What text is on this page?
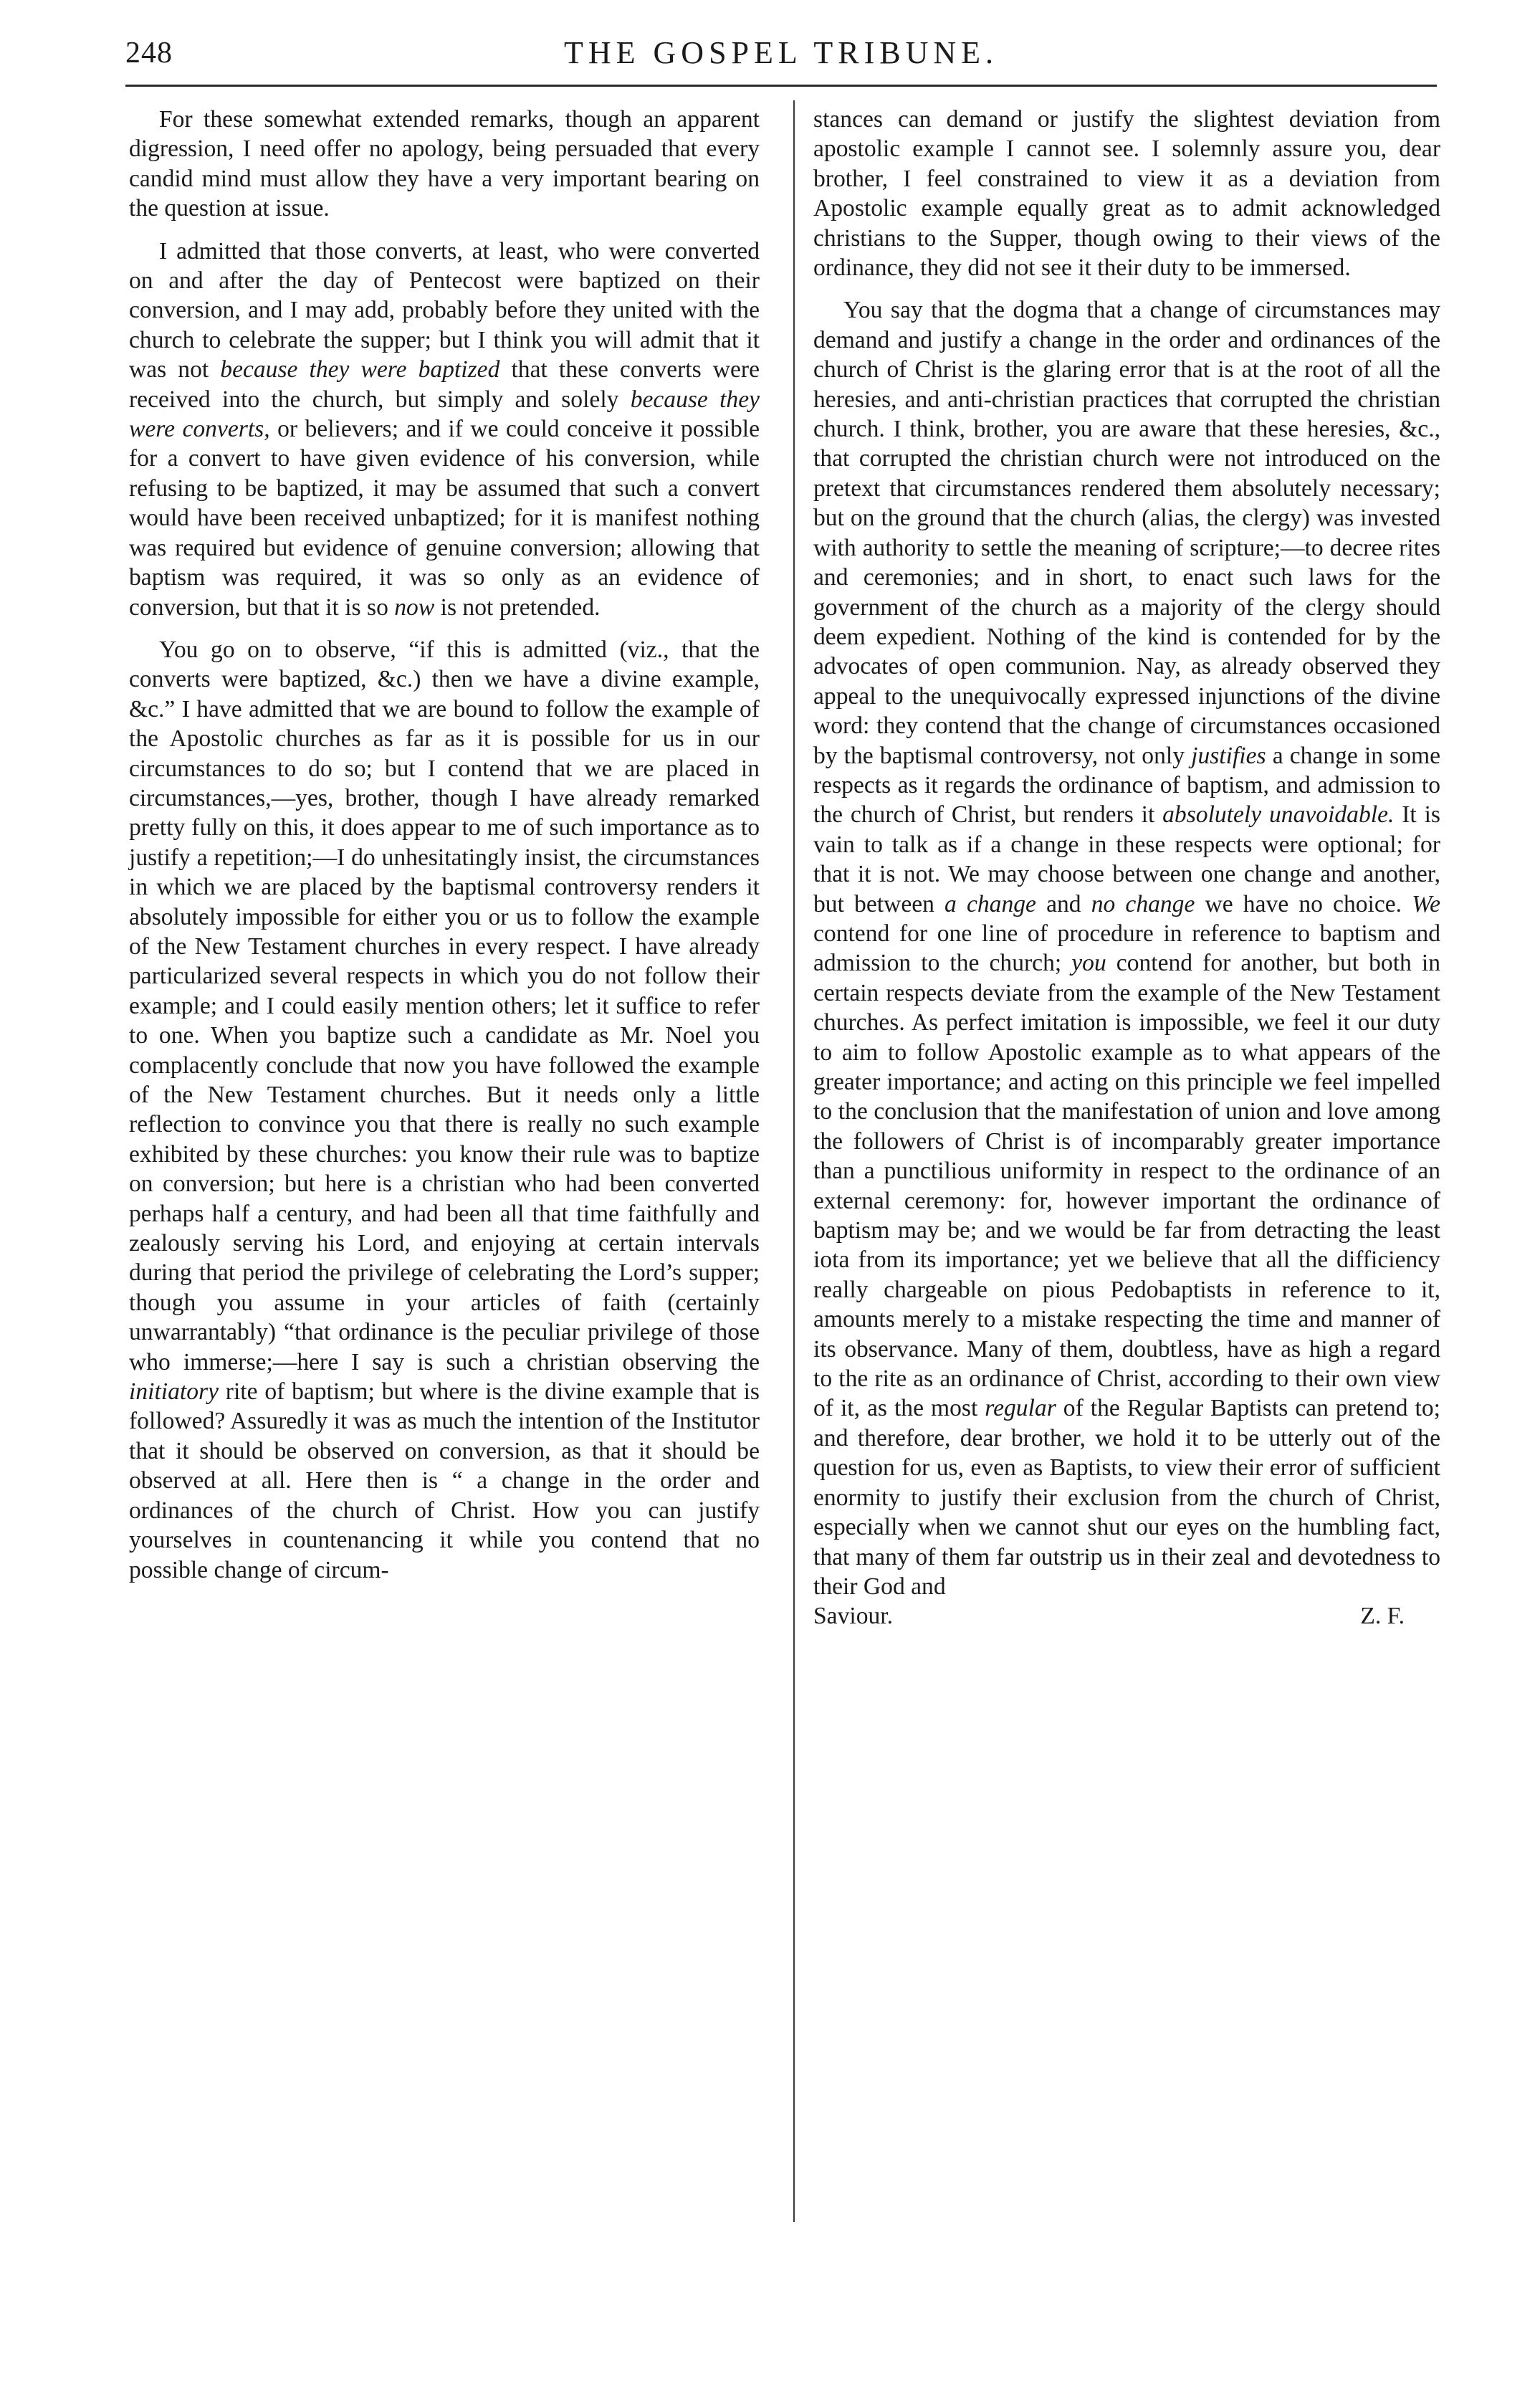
248	THE GOSPEL TRIBUNE.

For these somewhat extended remarks, though an apparent digression, I need offer no apology, being persuaded that every candid mind must allow they have a very important bearing on the question at issue.

I admitted that those converts, at least, who were converted on and after the day of Pentecost were baptized on their conversion, and I may add, probably before they united with the church to celebrate the supper; but I think you will admit that it was not because they were baptized that these converts were received into the church, but simply and solely because they were converts, or believers; and if we could conceive it possible for a convert to have given evidence of his conversion, while refusing to be baptized, it may be assumed that such a convert would have been received unbaptized; for it is manifest nothing was required but evidence of genuine conversion; allowing that baptism was required, it was so only as an evidence of conversion, but that it is so now is not pretended.

You go on to observe, “if this is admitted (viz., that the converts were baptized, &c.) then we have a divine example, &c.” I have admitted that we are bound to follow the example of the Apostolic churches as far as it is possible for us in our circumstances to do so; but I contend that we are placed in circumstances,—yes, brother, though I have already remarked pretty fully on this, it does appear to me of such importance as to justify a repetition;—I do unhesitatingly insist, the circumstances in which we are placed by the baptismal controversy renders it absolutely impossible for either you or us to follow the example of the New Testament churches in every respect. I have already particularized several respects in which you do not follow their example; and I could easily mention others; let it suffice to refer to one. When you baptize such a candidate as Mr. Noel you complacently conclude that now you have followed the example of the New Testament churches. But it needs only a little reflection to convince you that there is really no such example exhibited by these churches: you know their rule was to baptize on conversion; but here is a christian who had been converted perhaps half a century, and had been all that time faithfully and zealously serving his Lord, and enjoying at certain intervals during that period the privilege of celebrating the Lord’s supper; though you assume in your articles of faith (certainly unwarrantably) “that ordinance is the peculiar privilege of those who immerse;—here I say is such a christian observing the initiatory rite of baptism; but where is the divine example that is followed? Assuredly it was as much the intention of the Institutor that it should be observed on conversion, as that it should be observed at all. Here then is “ a change in the order and ordinances of the church of Christ. How you can justify yourselves in countenancing it while you contend that no possible change of circum-

stances can demand or justify the slightest deviation from apostolic example I cannot see. I solemnly assure you, dear brother, I feel constrained to view it as a deviation from Apostolic example equally great as to admit acknowledged christians to the Supper, though owing to their views of the ordinance, they did not see it their duty to be immersed.

You say that the dogma that a change of circumstances may demand and justify a change in the order and ordinances of the church of Christ is the glaring error that is at the root of all the heresies, and anti-christian practices that corrupted the christian church. I think, brother, you are aware that these heresies, &c., that corrupted the christian church were not introduced on the pretext that circumstances rendered them absolutely necessary; but on the ground that the church (alias, the clergy) was invested with authority to settle the meaning of scripture;—to decree rites and ceremonies; and in short, to enact such laws for the government of the church as a majority of the clergy should deem expedient. Nothing of the kind is contended for by the advocates of open communion. Nay, as already observed they appeal to the unequivocally expressed injunctions of the divine word: they contend that the change of circumstances occasioned by the baptismal controversy, not only justifies a change in some respects as it regards the ordinance of baptism, and admission to the church of Christ, but renders it absolutely unavoidable. It is vain to talk as if a change in these respects were optional; for that it is not. We may choose between one change and another, but between a change and no change we have no choice. We contend for one line of procedure in reference to baptism and admission to the church; you contend for another, but both in certain respects deviate from the example of the New Testament churches. As perfect imitation is impossible, we feel it our duty to aim to follow Apostolic example as to what appears of the greater importance; and acting on this principle we feel impelled to the conclusion that the manifestation of union and love among the followers of Christ is of incomparably greater importance than a punctilious uniformity in respect to the ordinance of an external ceremony: for, however important the ordinance of baptism may be; and we would be far from detracting the least iota from its importance; yet we believe that all the difficiency really chargeable on pious Pedobaptists in reference to it, amounts merely to a mistake respecting the time and manner of its observance. Many of them, doubtless, have as high a regard to the rite as an ordinance of Christ, according to their own view of it, as the most regular of the Regular Baptists can pretend to; and therefore, dear brother, we hold it to be utterly out of the question for us, even as Baptists, to view their error of sufficient enormity to justify their exclusion from the church of Christ, especially when we cannot shut our eyes on the humbling fact, that many of them far outstrip us in their zeal and devotedness to their God and

Saviour.	Z. F.
